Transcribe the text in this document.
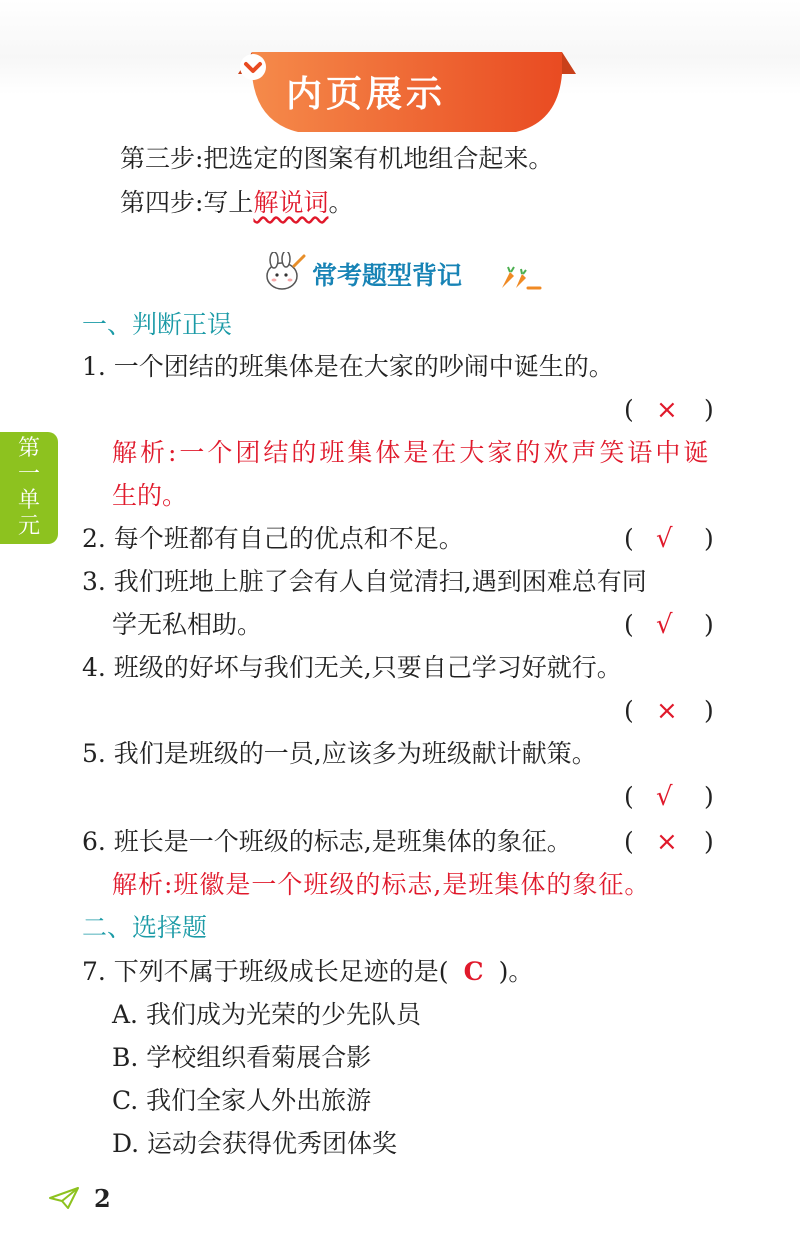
内页展示
第三步:把选定的图案有机地组合起来。
第四步:写上解说词。
常考题型背记
第
一
单
元
一、判断正误
1. 一个团结的班集体是在大家的吵闹中诞生的。
( × )
解析:一个团结的班集体是在大家的欢声笑语中诞
生的。
2. 每个班都有自己的优点和不足。	( √ )
3. 我们班地上脏了会有人自觉清扫,遇到困难总有同
学无私相助。	( √ )
4. 班级的好坏与我们无关,只要自己学习好就行。
( × )
5. 我们是班级的一员,应该多为班级献计献策。
( √ )
6. 班长是一个班级的标志,是班集体的象征。 ( × )
解析:班徽是一个班级的标志,是班集体的象征。
二、选择题
7. 下列不属于班级成长足迹的是( C )。
A. 我们成为光荣的少先队员
B. 学校组织看菊展合影
C. 我们全家人外出旅游
D. 运动会获得优秀团体奖
2
